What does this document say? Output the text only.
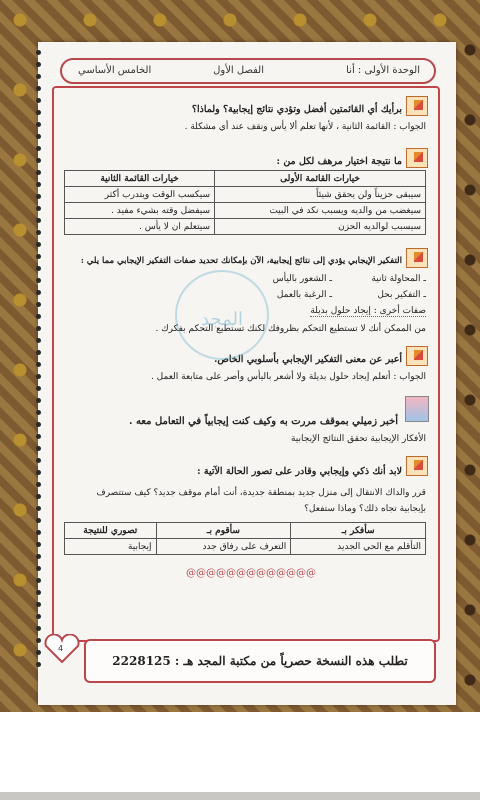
الوحدة الأولى : أنا
الفصل الأول
الخامس الأساسي
برأيك أي القائمتين أفضل وتؤدي نتائج إيجابية؟ ولماذا؟
الجواب : القائمة الثانية ، لأنها تعلم ألا يأس ونقف عند أي مشكلة .
ما نتيجة اختيار مرهف لكل من :
خيارات القائمة الأولى	خيارات القائمة الثانية
سيبقى حزيناً ولن يحقق شيئاً	سيكسب الوقت ويتدرب أكثر
سيغضب من والديه ويسبب نكد في البيت	سيفضل وقته بشيء مفيد .
سيسبب لوالديه الحزن	سيتعلم ان لا يأس .
التفكير الإيجابي يؤدي إلى نتائج إيجابية، الآن بإمكانك تحديد صفات التفكير الإيجابي مما يلي :
ـ المحاولة ثانية
ـ الشعور باليأس
ـ التفكير بحل
ـ الرغبة بالعمل
صفات أخرى : إيجاد حلول بديلة
من الممكن أنك لا تستطيع التحكم بظروفك لكنك تستطيع التحكم بفكرك .
أعبر عن معنى التفكير الإيجابي بأسلوبي الخاص.
الجواب : أتعلم إيجاد حلول بديلة ولا أشعر باليأس وأصر على متابعة العمل .
أخبر زميلي بموقف مررت به وكيف كنت إيجابياً في التعامل معه .
الأفكار الإيجابية تحقق النتائج الإيجابية
لابد أنك ذكي وإيجابي وقادر على تصور الحالة الآتية :
قرر والداك الانتقال إلى منزل جديد بمنطقة جديدة، أنت أمام موقف جديد؟ كيف ستتصرف
بإيجابية تجاه ذلك؟ وماذا ستفعل؟
سأفكر بـ	سأقوم بـ	تصوري للنتيجة
التأقلم مع الحي الجديد	التعرف على رفاق جدد	إيجابية
@@@@@@@@@@@@@
المجد
4
تطلب هذه النسخة حصرياً من مكتبة المجد هـ : 2228125
